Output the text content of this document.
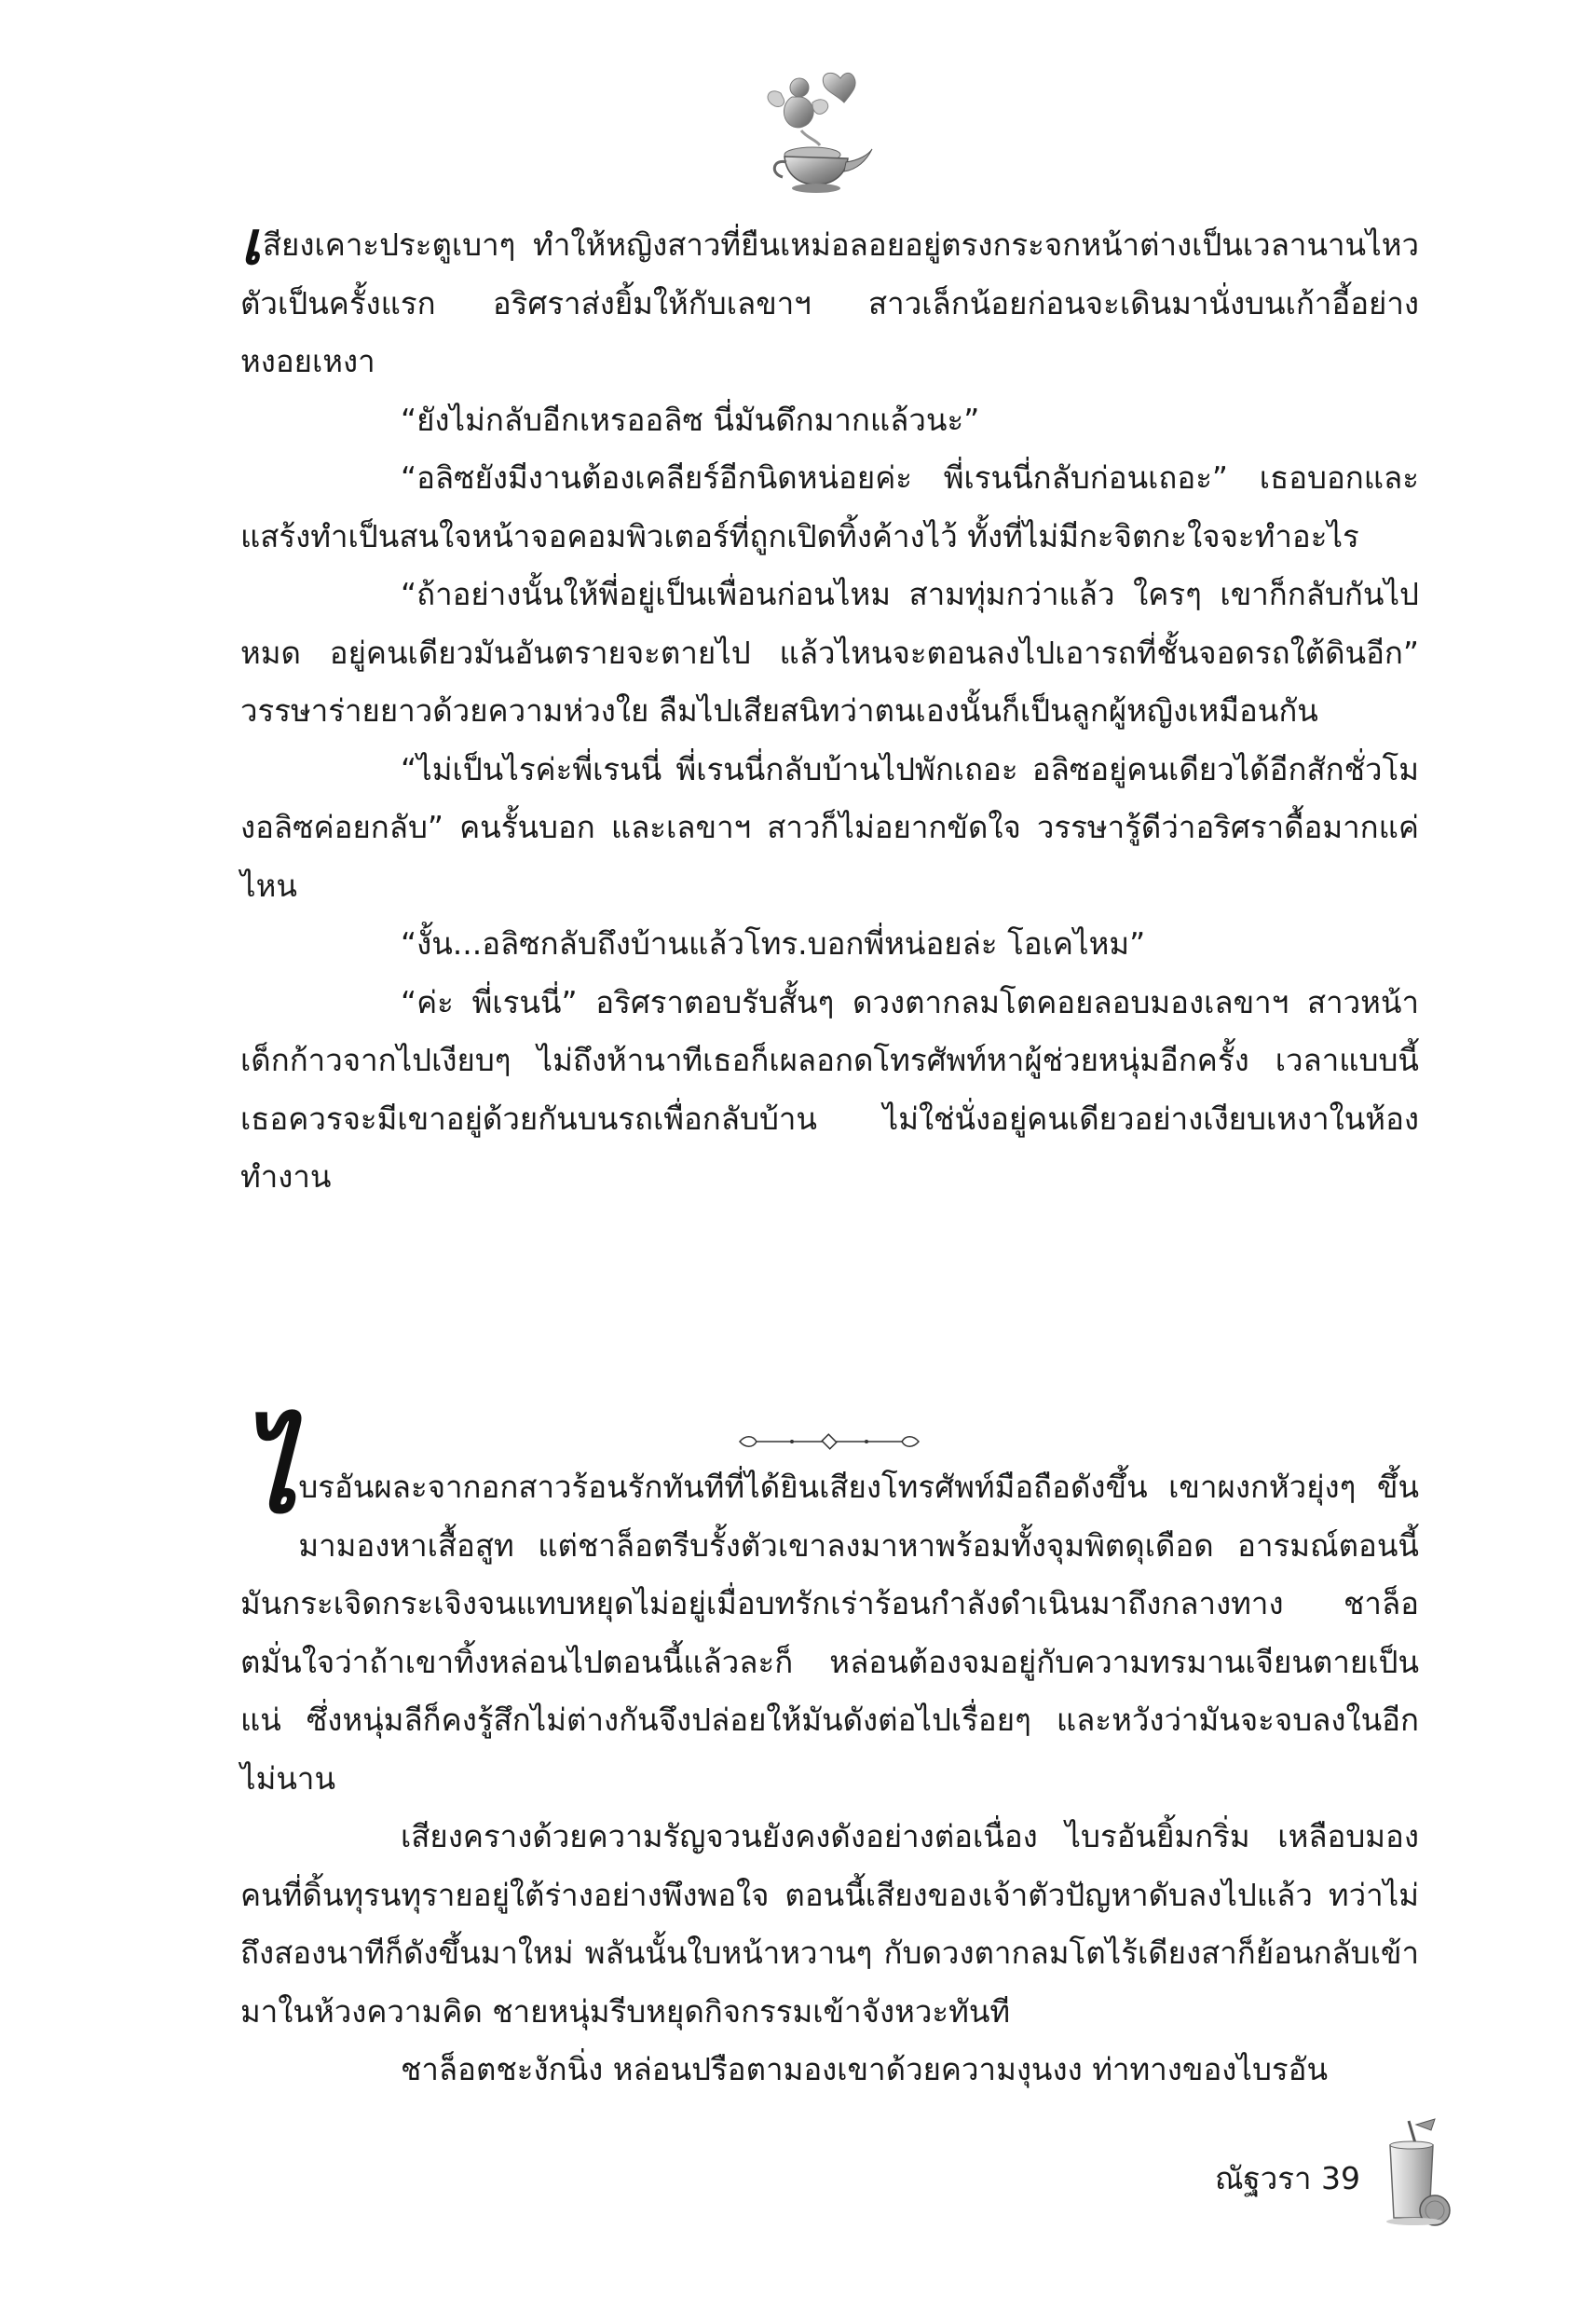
เสียงเคาะประตูเบาๆ ทำให้หญิงสาวที่ยืนเหม่อลอยอยู่ตรงกระจกหน้าต่างเป็นเวลานานไหวตัวเป็นครั้งแรก อริศราส่งยิ้มให้กับเลขาฯ สาวเล็กน้อยก่อนจะเดินมานั่งบนเก้าอี้อย่างหงอยเหงา

“ยังไม่กลับอีกเหรออลิซ นี่มันดึกมากแล้วนะ”

“อลิซยังมีงานต้องเคลียร์อีกนิดหน่อยค่ะ พี่เรนนี่กลับก่อนเถอะ” เธอบอกและแสร้งทำเป็นสนใจหน้าจอคอมพิวเตอร์ที่ถูกเปิดทิ้งค้างไว้ ทั้งที่ไม่มีกะจิตกะใจจะทำอะไร

“ถ้าอย่างนั้นให้พี่อยู่เป็นเพื่อนก่อนไหม สามทุ่มกว่าแล้ว ใครๆ เขาก็กลับกันไปหมด อยู่คนเดียวมันอันตรายจะตายไป แล้วไหนจะตอนลงไปเอารถที่ชั้นจอดรถใต้ดินอีก” วรรษาร่ายยาวด้วยความห่วงใย ลืมไปเสียสนิทว่าตนเองนั้นก็เป็นลูกผู้หญิงเหมือนกัน

“ไม่เป็นไรค่ะพี่เรนนี่ พี่เรนนี่กลับบ้านไปพักเถอะ อลิซอยู่คนเดียวได้อีกสักชั่วโมงอลิซค่อยกลับ” คนรั้นบอก และเลขาฯ สาวก็ไม่อยากขัดใจ วรรษารู้ดีว่าอริศราดื้อมากแค่ไหน

“งั้น...อลิซกลับถึงบ้านแล้วโทร.บอกพี่หน่อยล่ะ โอเคไหม”

“ค่ะ พี่เรนนี่” อริศราตอบรับสั้นๆ ดวงตากลมโตคอยลอบมองเลขาฯ สาวหน้าเด็กก้าวจากไปเงียบๆ ไม่ถึงห้านาทีเธอก็เผลอกดโทรศัพท์หาผู้ช่วยหนุ่มอีกครั้ง เวลาแบบนี้เธอควรจะมีเขาอยู่ด้วยกันบนรถเพื่อกลับบ้าน ไม่ใช่นั่งอยู่คนเดียวอย่างเงียบเหงาในห้องทำงาน

ไบรอันผละจากอกสาวร้อนรักทันทีที่ได้ยินเสียงโทรศัพท์มือถือดังขึ้น เขาผงกหัวยุ่งๆ ขึ้นมามองหาเสื้อสูท แต่ชาล็อตรีบรั้งตัวเขาลงมาหาพร้อมทั้งจุมพิตดุเดือด อารมณ์ตอนนี้มันกระเจิดกระเจิงจนแทบหยุดไม่อยู่เมื่อบทรักเร่าร้อนกำลังดำเนินมาถึงกลางทาง ชาล็อตมั่นใจว่าถ้าเขาทิ้งหล่อนไปตอนนี้แล้วละก็ หล่อนต้องจมอยู่กับความทรมานเจียนตายเป็นแน่ ซึ่งหนุ่มลีก็คงรู้สึกไม่ต่างกันจึงปล่อยให้มันดังต่อไปเรื่อยๆ และหวังว่ามันจะจบลงในอีกไม่นาน

เสียงครางด้วยความรัญจวนยังคงดังอย่างต่อเนื่อง ไบรอันยิ้มกริ่ม เหลือบมองคนที่ดิ้นทุรนทุรายอยู่ใต้ร่างอย่างพึงพอใจ ตอนนี้เสียงของเจ้าตัวปัญหาดับลงไปแล้ว ทว่าไม่ถึงสองนาทีก็ดังขึ้นมาใหม่ พลันนั้นใบหน้าหวานๆ กับดวงตากลมโตไร้เดียงสาก็ย้อนกลับเข้ามาในห้วงความคิด ชายหนุ่มรีบหยุดกิจกรรมเข้าจังหวะทันที

ชาล็อตชะงักนิ่ง หล่อนปรือตามองเขาด้วยความงุนงง ท่าทางของไบรอัน

ณัฐวรา 39
